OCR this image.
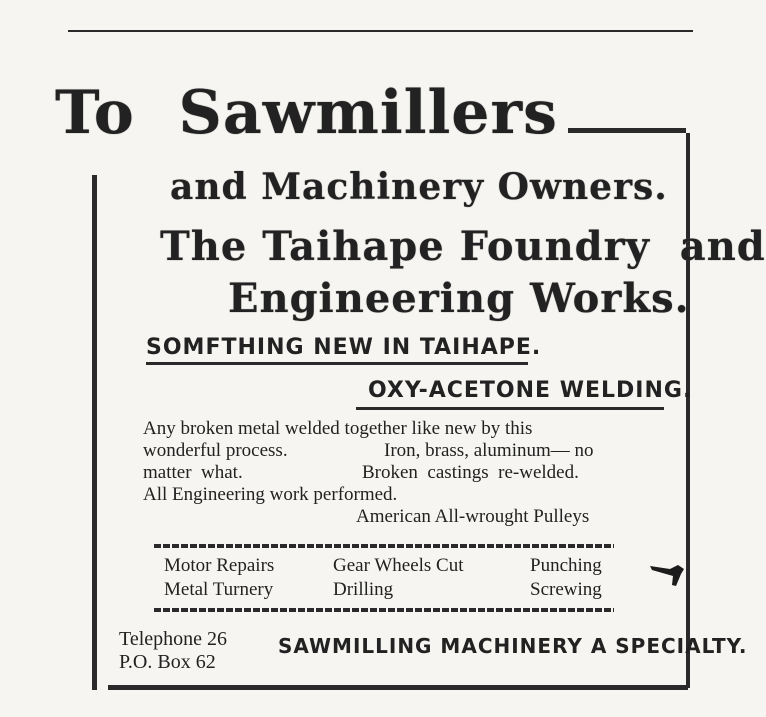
To  Sawmillers
and Machinery Owners.
The Taihape Foundry  and
Engineering Works.
SOMFTHING NEW IN TAIHAPE.
OXY-ACETONE WELDING.
Any broken metal welded together like new by this
wonderful process.	Iron, brass, aluminum— no
matter  what.	Broken  castings  re-welded.
All Engineering work performed.
American All-wrought Pulleys
Motor Repairs
Metal Turnery
Gear Wheels Cut
Drilling
Punching
Screwing
Telephone 26
P.O. Box 62
SAWMILLING MACHINERY A SPECIALTY.
